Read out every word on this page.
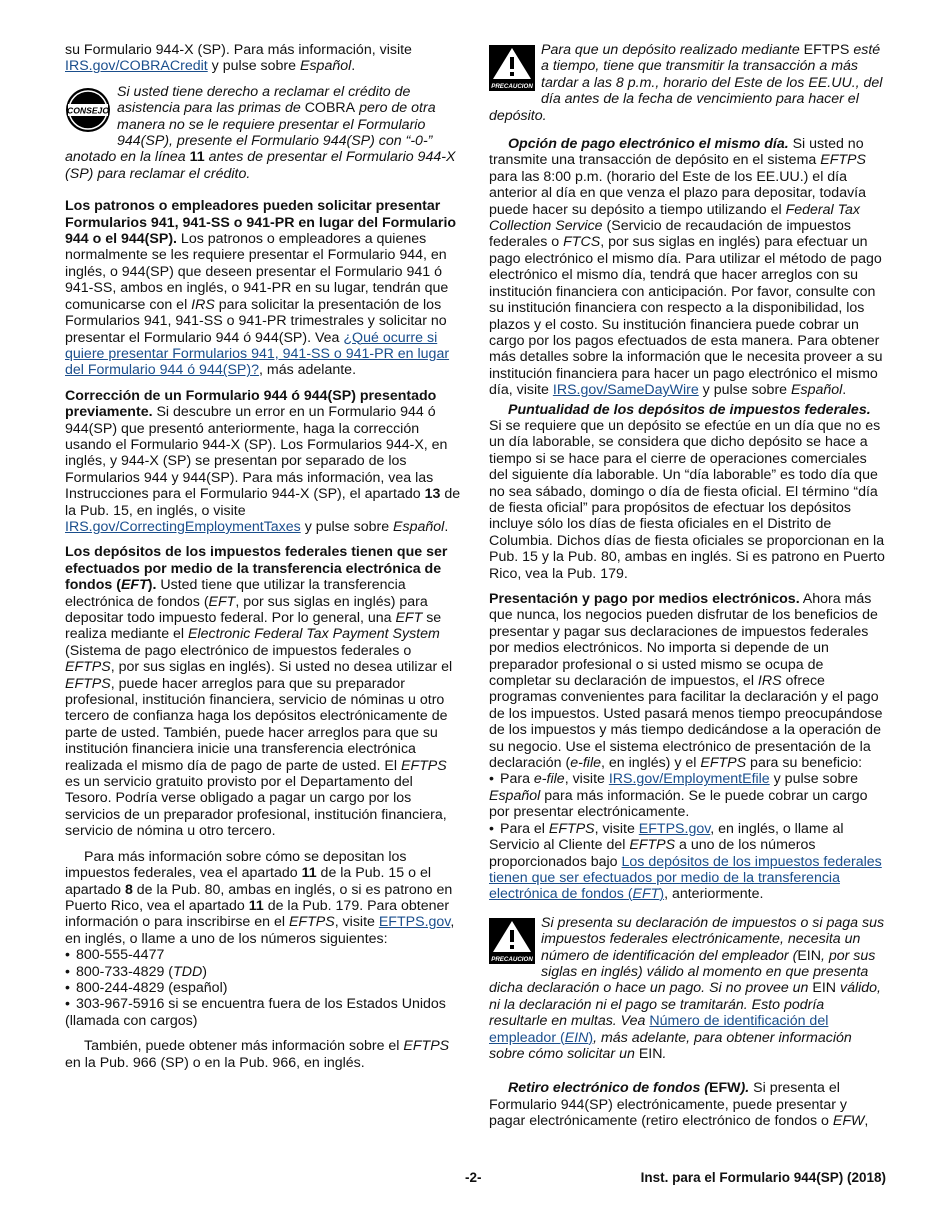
su Formulario 944-X (SP). Para más información, visite IRS.gov/COBRACredit y pulse sobre Español.

CONSEJO
Si usted tiene derecho a reclamar el crédito de asistencia para las primas de COBRA pero de otra manera no se le requiere presentar el Formulario 944(SP), presente el Formulario 944(SP) con “-0-” anotado en la línea 11 antes de presentar el Formulario 944-X (SP) para reclamar el crédito.

Los patronos o empleadores pueden solicitar presentar Formularios 941, 941-SS o 941-PR en lugar del Formulario 944 o el 944(SP). Los patronos o empleadores a quienes normalmente se les requiere presentar el Formulario 944, en inglés, o 944(SP) que deseen presentar el Formulario 941 ó 941-SS, ambos en inglés, o 941-PR en su lugar, tendrán que comunicarse con el IRS para solicitar la presentación de los Formularios 941, 941-SS o 941-PR trimestrales y solicitar no presentar el Formulario 944 ó 944(SP). Vea ¿Qué ocurre si quiere presentar Formularios 941, 941-SS o 941-PR en lugar del Formulario 944 ó 944(SP)?, más adelante.

Corrección de un Formulario 944 ó 944(SP) presentado previamente. Si descubre un error en un Formulario 944 ó 944(SP) que presentó anteriormente, haga la corrección usando el Formulario 944-X (SP). Los Formularios 944-X, en inglés, y 944-X (SP) se presentan por separado de los Formularios 944 y 944(SP). Para más información, vea las Instrucciones para el Formulario 944-X (SP), el apartado 13 de la Pub. 15, en inglés, o visite IRS.gov/CorrectingEmploymentTaxes y pulse sobre Español.

Los depósitos de los impuestos federales tienen que ser efectuados por medio de la transferencia electrónica de fondos (EFT). Usted tiene que utilizar la transferencia electrónica de fondos (EFT, por sus siglas en inglés) para depositar todo impuesto federal. Por lo general, una EFT se realiza mediante el Electronic Federal Tax Payment System (Sistema de pago electrónico de impuestos federales o EFTPS, por sus siglas en inglés). Si usted no desea utilizar el EFTPS, puede hacer arreglos para que su preparador profesional, institución financiera, servicio de nóminas u otro tercero de confianza haga los depósitos electrónicamente de parte de usted. También, puede hacer arreglos para que su institución financiera inicie una transferencia electrónica realizada el mismo día de pago de parte de usted. El EFTPS es un servicio gratuito provisto por el Departamento del Tesoro. Podría verse obligado a pagar un cargo por los servicios de un preparador profesional, institución financiera, servicio de nómina u otro tercero.

Para más información sobre cómo se depositan los impuestos federales, vea el apartado 11 de la Pub. 15 o el apartado 8 de la Pub. 80, ambas en inglés, o si es patrono en Puerto Rico, vea el apartado 11 de la Pub. 179. Para obtener información o para inscribirse en el EFTPS, visite EFTPS.gov, en inglés, o llame a uno de los números siguientes:

• 800-555-4477
• 800-733-4829 (TDD)
• 800-244-4829 (español)
• 303-967-5916 si se encuentra fuera de los Estados Unidos (llamada con cargos)

También, puede obtener más información sobre el EFTPS en la Pub. 966 (SP) o en la Pub. 966, en inglés.

PRECAUCION
Para que un depósito realizado mediante EFTPS esté a tiempo, tiene que transmitir la transacción a más tardar a las 8 p.m., horario del Este de los EE.UU., del día antes de la fecha de vencimiento para hacer el depósito.

Opción de pago electrónico el mismo día. Si usted no transmite una transacción de depósito en el sistema EFTPS para las 8:00 p.m. (horario del Este de los EE.UU.) el día anterior al día en que venza el plazo para depositar, todavía puede hacer su depósito a tiempo utilizando el Federal Tax Collection Service (Servicio de recaudación de impuestos federales o FTCS, por sus siglas en inglés) para efectuar un pago electrónico el mismo día. Para utilizar el método de pago electrónico el mismo día, tendrá que hacer arreglos con su institución financiera con anticipación. Por favor, consulte con su institución financiera con respecto a la disponibilidad, los plazos y el costo. Su institución financiera puede cobrar un cargo por los pagos efectuados de esta manera. Para obtener más detalles sobre la información que le necesita proveer a su institución financiera para hacer un pago electrónico el mismo día, visite IRS.gov/SameDayWire y pulse sobre Español.

Puntualidad de los depósitos de impuestos federales. Si se requiere que un depósito se efectúe en un día que no es un día laborable, se considera que dicho depósito se hace a tiempo si se hace para el cierre de operaciones comerciales del siguiente día laborable. Un “día laborable” es todo día que no sea sábado, domingo o día de fiesta oficial. El término “día de fiesta oficial” para propósitos de efectuar los depósitos incluye sólo los días de fiesta oficiales en el Distrito de Columbia. Dichos días de fiesta oficiales se proporcionan en la Pub. 15 y la Pub. 80, ambas en inglés. Si es patrono en Puerto Rico, vea la Pub. 179.

Presentación y pago por medios electrónicos. Ahora más que nunca, los negocios pueden disfrutar de los beneficios de presentar y pagar sus declaraciones de impuestos federales por medios electrónicos. No importa si depende de un preparador profesional o si usted mismo se ocupa de completar su declaración de impuestos, el IRS ofrece programas convenientes para facilitar la declaración y el pago de los impuestos. Usted pasará menos tiempo preocupándose de los impuestos y más tiempo dedicándose a la operación de su negocio. Use el sistema electrónico de presentación de la declaración (e-file, en inglés) y el EFTPS para su beneficio:

• Para e-file, visite IRS.gov/EmploymentEfile y pulse sobre Español para más información. Se le puede cobrar un cargo por presentar electrónicamente.
• Para el EFTPS, visite EFTPS.gov, en inglés, o llame al Servicio al Cliente del EFTPS a uno de los números proporcionados bajo Los depósitos de los impuestos federales tienen que ser efectuados por medio de la transferencia electrónica de fondos (EFT), anteriormente.
PRECAUCION
Si presenta su declaración de impuestos o si paga sus impuestos federales electrónicamente, necesita un número de identificación del empleador (EIN, por sus siglas en inglés) válido al momento en que presenta dicha declaración o hace un pago. Si no provee un EIN válido, ni la declaración ni el pago se tramitarán. Esto podría resultarle en multas. Vea Número de identificación del empleador (EIN), más adelante, para obtener información sobre cómo solicitar un EIN.

Retiro electrónico de fondos (EFW). Si presenta el Formulario 944(SP) electrónicamente, puede presentar y pagar electrónicamente (retiro electrónico de fondos o EFW,

-2-	Inst. para el Formulario 944(SP) (2018)
